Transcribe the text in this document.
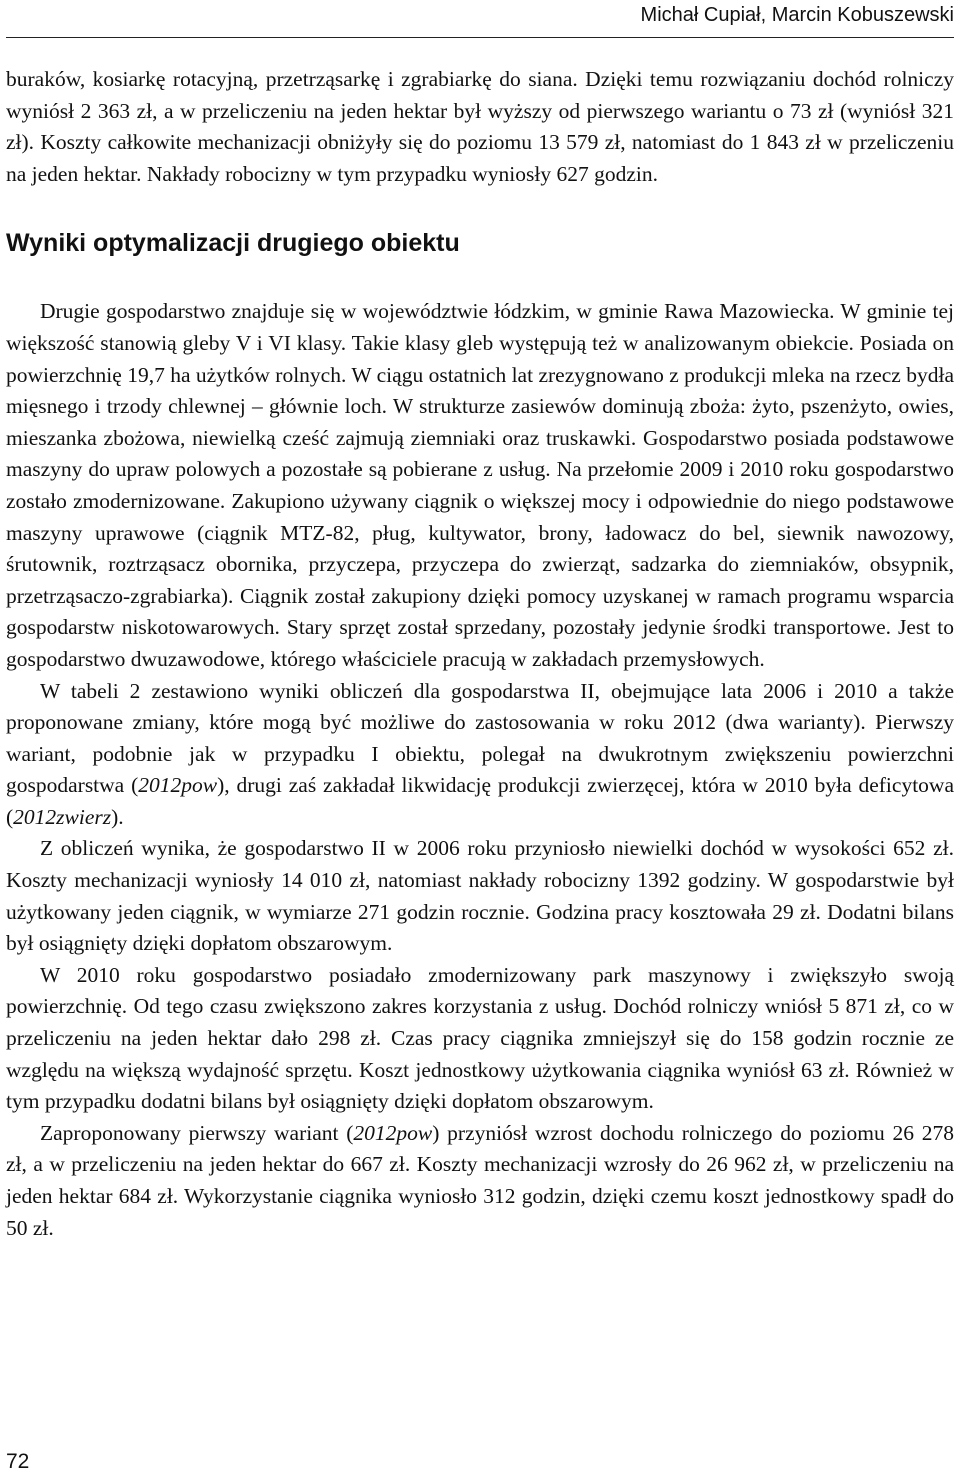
Michał Cupiał, Marcin Kobuszewski

buraków, kosiarkę rotacyjną, przetrząsarkę i zgrabiarkę do siana. Dzięki temu rozwiązaniu dochód rolniczy wyniósł 2 363 zł, a w przeliczeniu na jeden hektar był wyższy od pierwszego wariantu o 73 zł (wyniósł 321 zł). Koszty całkowite mechanizacji obniżyły się do poziomu 13 579 zł, natomiast do 1 843 zł w przeliczeniu na jeden hektar. Nakłady robocizny w tym przypadku wyniosły 627 godzin.

Wyniki optymalizacji drugiego obiektu

Drugie gospodarstwo znajduje się w województwie łódzkim, w gminie Rawa Mazowiecka. W gminie tej większość stanowią gleby V i VI klasy. Takie klasy gleb występują też w analizowanym obiekcie. Posiada on powierzchnię 19,7 ha użytków rolnych. W ciągu ostatnich lat zrezygnowano z produkcji mleka na rzecz bydła mięsnego i trzody chlewnej – głównie loch. W strukturze zasiewów dominują zboża: żyto, pszenżyto, owies, mieszanka zbożowa, niewielką cześć zajmują ziemniaki oraz truskawki. Gospodarstwo posiada podstawowe maszyny do upraw polowych a pozostałe są pobierane z usług. Na przełomie 2009 i 2010 roku gospodarstwo zostało zmodernizowane. Zakupiono używany ciągnik o większej mocy i odpowiednie do niego podstawowe maszyny uprawowe (ciągnik MTZ-82, pług, kultywator, brony, ładowacz do bel, siewnik nawozowy, śrutownik, roztrząsacz obornika, przyczepa, przyczepa do zwierząt, sadzarka do ziemniaków, obsypnik, przetrząsaczo-zgrabiarka). Ciągnik został zakupiony dzięki pomocy uzyskanej w ramach programu wsparcia gospodarstw niskotowarowych. Stary sprzęt został sprzedany, pozostały jedynie środki transportowe. Jest to gospodarstwo dwuzawodowe, którego właściciele pracują w zakładach przemysłowych.

W tabeli 2 zestawiono wyniki obliczeń dla gospodarstwa II, obejmujące lata 2006 i 2010 a także proponowane zmiany, które mogą być możliwe do zastosowania w roku 2012 (dwa warianty). Pierwszy wariant, podobnie jak w przypadku I obiektu, polegał na dwukrotnym zwiększeniu powierzchni gospodarstwa (2012pow), drugi zaś zakładał likwidację produkcji zwierzęcej, która w 2010 była deficytowa (2012zwierz).

Z obliczeń wynika, że gospodarstwo II w 2006 roku przyniosło niewielki dochód w wysokości 652 zł. Koszty mechanizacji wyniosły 14 010 zł, natomiast nakłady robocizny 1392 godziny. W gospodarstwie był użytkowany jeden ciągnik, w wymiarze 271 godzin rocznie. Godzina pracy kosztowała 29 zł. Dodatni bilans był osiągnięty dzięki dopłatom obszarowym.

W 2010 roku gospodarstwo posiadało zmodernizowany park maszynowy i zwiększyło swoją powierzchnię. Od tego czasu zwiększono zakres korzystania z usług. Dochód rolniczy wniósł 5 871 zł, co w przeliczeniu na jeden hektar dało 298 zł. Czas pracy ciągnika zmniejszył się do 158 godzin rocznie ze względu na większą wydajność sprzętu. Koszt jednostkowy użytkowania ciągnika wyniósł 63 zł. Również w tym przypadku dodatni bilans był osiągnięty dzięki dopłatom obszarowym.

Zaproponowany pierwszy wariant (2012pow) przyniósł wzrost dochodu rolniczego do poziomu 26 278 zł, a w przeliczeniu na jeden hektar do 667 zł. Koszty mechanizacji wzrosły do 26 962 zł, w przeliczeniu na jeden hektar 684 zł. Wykorzystanie ciągnika wyniosło 312 godzin, dzięki czemu koszt jednostkowy spadł do 50 zł.

72
